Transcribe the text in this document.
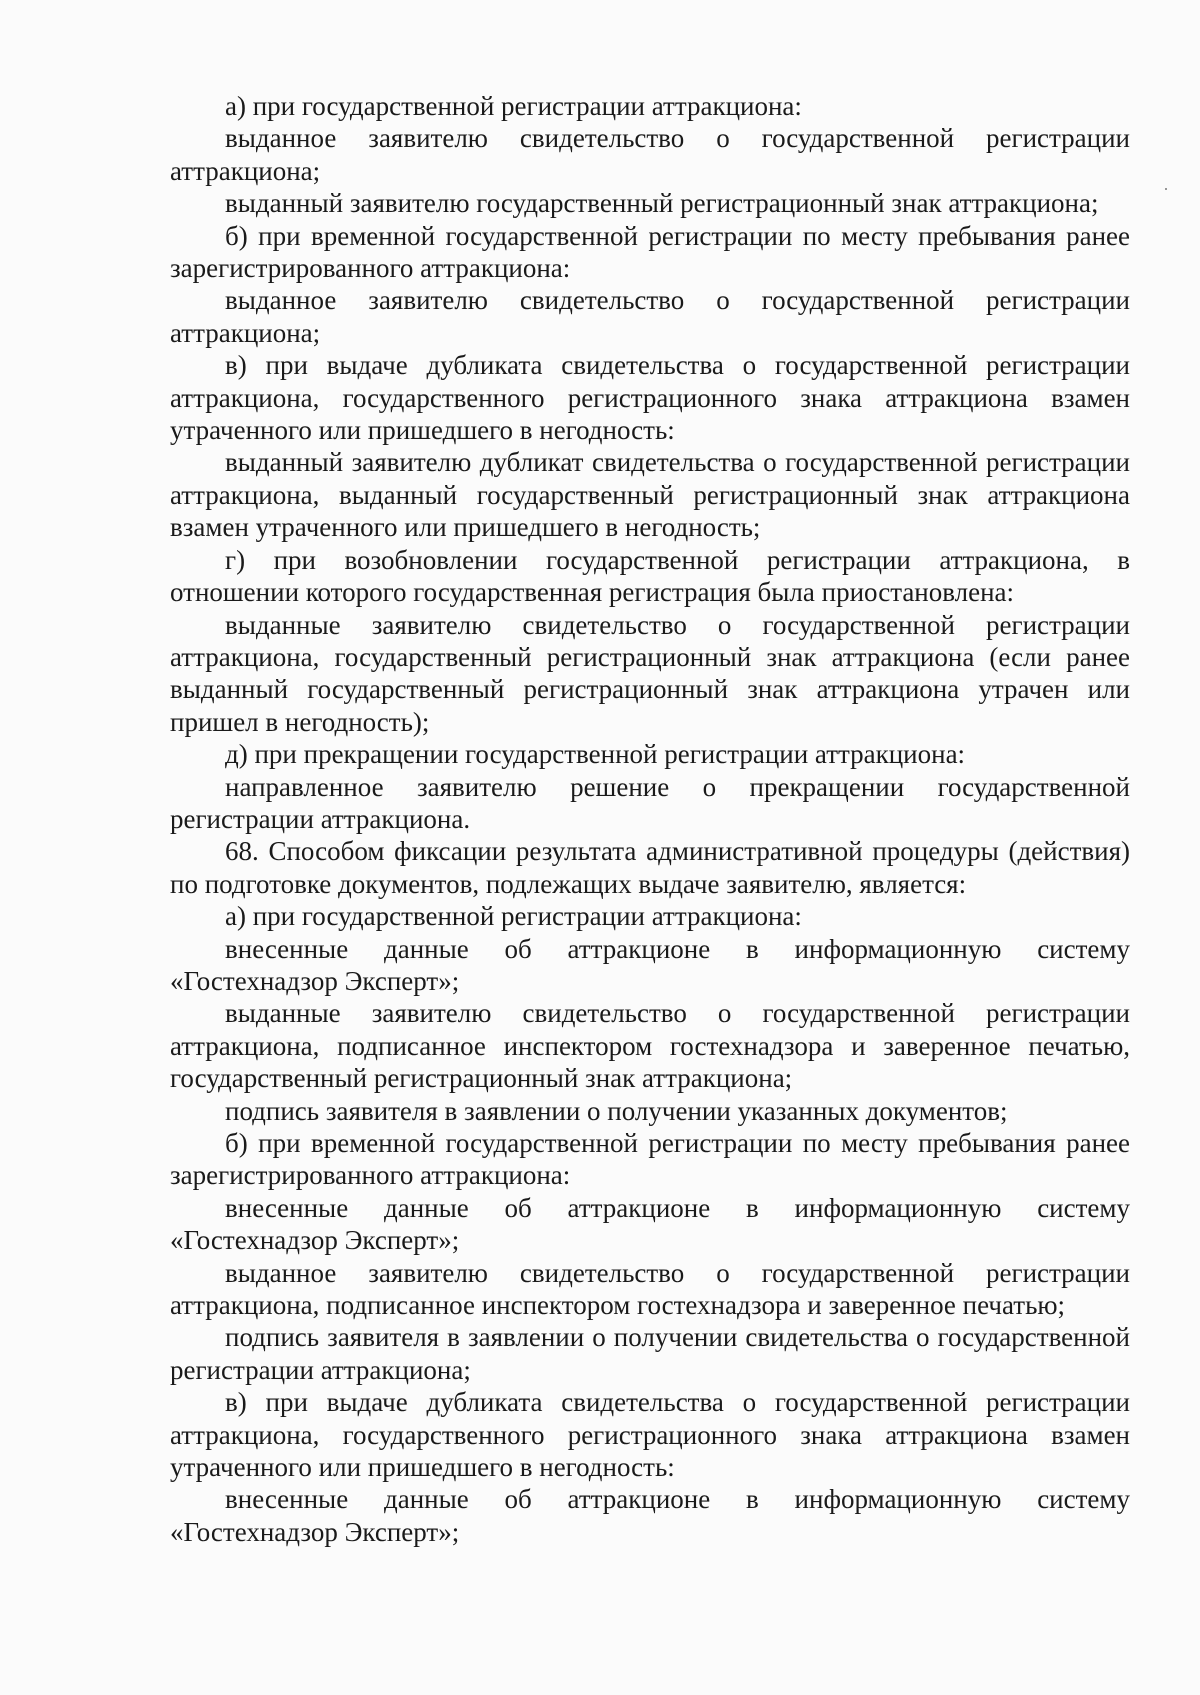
а) при государственной регистрации аттракциона:

выданное заявителю свидетельство о государственной регистрации аттракциона;

выданный заявителю государственный регистрационный знак аттракциона;

б) при временной государственной регистрации по месту пребывания ранее зарегистрированного аттракциона:

выданное заявителю свидетельство о государственной регистрации аттракциона;

в) при выдаче дубликата свидетельства о государственной регистрации аттракциона, государственного регистрационного знака аттракциона взамен утраченного или пришедшего в негодность:

выданный заявителю дубликат свидетельства о государственной регистрации аттракциона, выданный государственный регистрационный знак аттракциона взамен утраченного или пришедшего в негодность;

г) при возобновлении государственной регистрации аттракциона, в отношении которого государственная регистрация была приостановлена:

выданные заявителю свидетельство о государственной регистрации аттракциона, государственный регистрационный знак аттракциона (если ранее выданный государственный регистрационный знак аттракциона утрачен или пришел в негодность);

д) при прекращении государственной регистрации аттракциона:

направленное заявителю решение о прекращении государственной регистрации аттракциона.

68. Способом фиксации результата административной процедуры (действия) по подготовке документов, подлежащих выдаче заявителю, является:

а) при государственной регистрации аттракциона:

внесенные данные об аттракционе в информационную систему «Гостехнадзор Эксперт»;

выданные заявителю свидетельство о государственной регистрации аттракциона, подписанное инспектором гостехнадзора и заверенное печатью, государственный регистрационный знак аттракциона;

подпись заявителя в заявлении о получении указанных документов;

б) при временной государственной регистрации по месту пребывания ранее зарегистрированного аттракциона:

внесенные данные об аттракционе в информационную систему «Гостехнадзор Эксперт»;

выданное заявителю свидетельство о государственной регистрации аттракциона, подписанное инспектором гостехнадзора и заверенное печатью;

подпись заявителя в заявлении о получении свидетельства о государственной регистрации аттракциона;

в) при выдаче дубликата свидетельства о государственной регистрации аттракциона, государственного регистрационного знака аттракциона взамен утраченного или пришедшего в негодность:

внесенные данные об аттракционе в информационную систему «Гостехнадзор Эксперт»;
